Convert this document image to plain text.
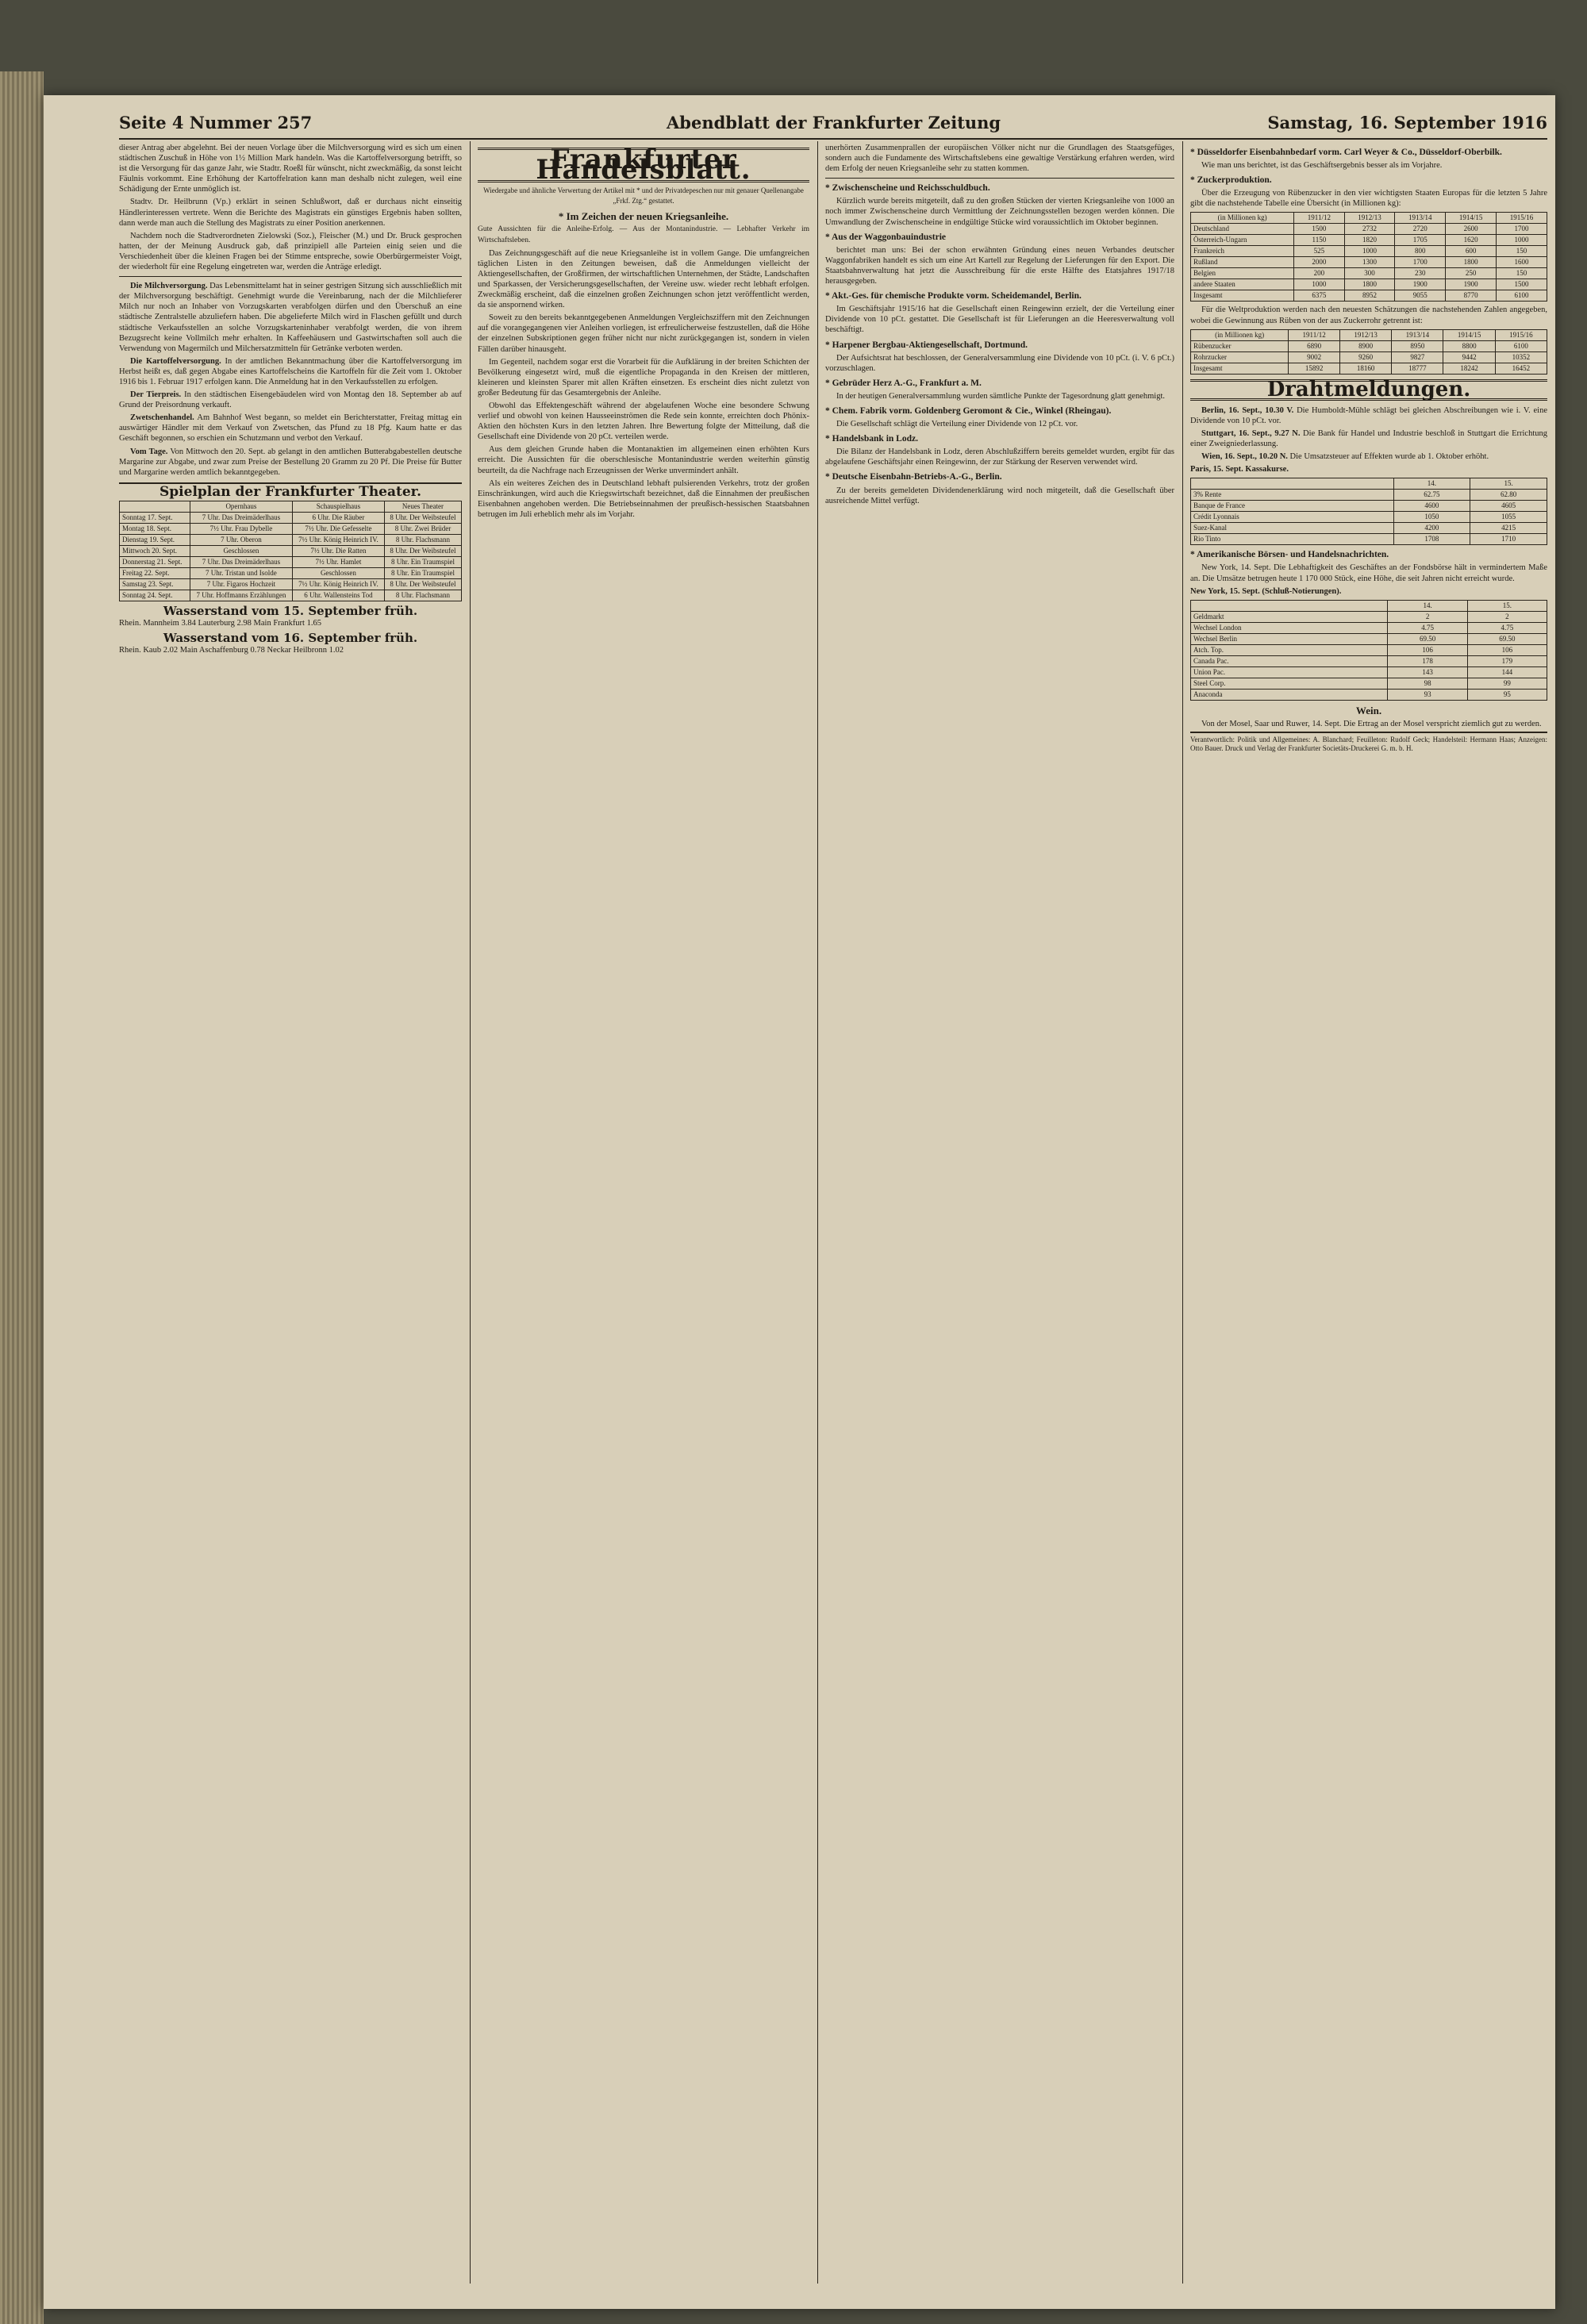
Seite 4 Nummer 257	Abendblatt der Frankfurter Zeitung	Samstag, 16. September 1916

dieser Antrag aber abgelehnt. Bei der neuen Vorlage über die Milchversorgung wird es sich um einen städtischen Zuschuß in Höhe von 1½ Million Mark handeln. Was die Kartoffelversorgung betrifft, so ist die Versorgung für das ganze Jahr, wie Stadtr. Roeßl für wünscht, nicht zweckmäßig, da sonst leicht Fäulnis vorkommt. Eine Erhöhung der Kartoffelration kann man deshalb nicht zulegen, weil eine Schädigung der Ernte unmöglich ist.

Stadtv. Dr. Heilbrunn (Vp.) erklärt in seinen Schlußwort, daß er durchaus nicht einseitig Händlerinteressen vertrete. Wenn die Berichte des Magistrats ein günstiges Ergebnis haben sollten, dann werde man auch die Stellung des Magistrats zu einer Position anerkennen.

Nachdem noch die Stadtverordneten Zielowski (Soz.), Fleischer (M.) und Dr. Bruck gesprochen hatten, der der Meinung Ausdruck gab, daß prinzipiell alle Parteien einig seien und die Verschiedenheit über die kleinen Fragen bei der Stimme entspreche, sowie Oberbürgermeister Voigt, der wiederholt für eine Regelung eingetreten war, werden die Anträge erledigt.

Die Milchversorgung. Das Lebensmittelamt hat in seiner gestrigen Sitzung sich ausschließlich mit der Milchversorgung beschäftigt. Genehmigt wurde die Vereinbarung, nach der die Milchlieferer Milch nur noch an Inhaber von Vorzugskarten verabfolgen dürfen und den Überschuß an eine städtische Zentralstelle abzuliefern haben. Die abgelieferte Milch wird in Flaschen gefüllt und durch städtische Verkaufsstellen an solche Vorzugskarteninhaber verabfolgt werden, die von ihrem Bezugsrecht keine Vollmilch mehr erhalten. In Kaffeehäusern und Gastwirtschaften soll auch die Verwendung von Magermilch und Milchersatzmitteln für Getränke verboten werden.

Die Kartoffelversorgung. In der amtlichen Bekanntmachung über die Kartoffelversorgung im Herbst heißt es, daß gegen Abgabe eines Kartoffelscheins die Kartoffeln für die Zeit vom 1. Oktober 1916 bis 1. Februar 1917 erfolgen kann. Die Anmeldung hat in den Verkaufsstellen zu erfolgen.

Der Tierpreis. In den städtischen Eisengebäudelen wird von Montag den 18. September ab auf Grund der Preisordnung verkauft.

Zwetschenhandel. Am Bahnhof West begann, so meldet ein Berichterstatter, Freitag mittag ein auswärtiger Händler mit dem Verkauf von Zwetschen, das Pfund zu 18 Pfg. Kaum hatte er das Geschäft begonnen, so erschien ein Schutzmann und verbot den Verkauf.

Vom Tage. Von Mittwoch den 20. Sept. ab gelangt in den amtlichen Butterabgabestellen deutsche Margarine zur Abgabe, und zwar zum Preise der Bestellung 20 Gramm zu 20 Pf. Die Preise für Butter und Margarine werden amtlich bekanntgegeben.

Spielplan der Frankfurter Theater.
	Opernhaus	Schauspielhaus	Neues Theater
Sonntag 17. Sept.	7 Uhr. Das Dreimäderlhaus	6 Uhr. Die Räuber	8 Uhr. Der Weibsteufel
Montag 18. Sept.	7½ Uhr. Frau Dybelle	7½ Uhr. Die Gefesselte	8 Uhr. Zwei Brüder
Dienstag 19. Sept.	7 Uhr. Oberon	7½ Uhr. König Heinrich IV.	8 Uhr. Flachsmann
Mittwoch 20. Sept.	Geschlossen	7½ Uhr. Die Ratten	8 Uhr. Der Weibsteufel
Donnerstag 21. Sept.	7 Uhr. Das Dreimäderlhaus	7½ Uhr. Hamlet	8 Uhr. Ein Traumspiel
Freitag 22. Sept.	7 Uhr. Tristan und Isolde	Geschlossen	8 Uhr. Ein Traumspiel
Samstag 23. Sept.	7 Uhr. Figaros Hochzeit	7½ Uhr. König Heinrich IV.	8 Uhr. Der Weibsteufel
Sonntag 24. Sept.	7 Uhr. Hoffmanns Erzählungen	6 Uhr. Wallensteins Tod	8 Uhr. Flachsmann
Wasserstand vom 15. September früh.

Rhein. Mannheim 3.84 Lauterburg 2.98 Main Frankfurt 1.65

Wasserstand vom 16. September früh.

Rhein. Kaub 2.02 Main Aschaffenburg 0.78 Neckar Heilbronn 1.02

Frankfurter Handelsblatt.
Wiedergabe und ähnliche Verwertung der Artikel mit * und der Privatdepeschen nur mit genauer Quellenangabe „Frkf. Ztg.“ gestattet.
* Im Zeichen der neuen Kriegsanleihe.

Gute Aussichten für die Anleihe-Erfolg. — Aus der Montanindustrie. — Lebhafter Verkehr im Wirtschaftsleben.

Das Zeichnungsgeschäft auf die neue Kriegsanleihe ist in vollem Gange. Die umfangreichen täglichen Listen in den Zeitungen beweisen, daß die Anmeldungen vielleicht der Aktiengesellschaften, der Großfirmen, der wirtschaftlichen Unternehmen, der Städte, Landschaften und Sparkassen, der Versicherungsgesellschaften, der Vereine usw. wieder recht lebhaft erfolgen. Zweckmäßig erscheint, daß die einzelnen großen Zeichnungen schon jetzt veröffentlicht werden, da sie anspornend wirken.

Soweit zu den bereits bekanntgegebenen Anmeldungen Vergleichsziffern mit den Zeichnungen auf die vorangegangenen vier Anleihen vorliegen, ist erfreulicherweise festzustellen, daß die Höhe der einzelnen Subskriptionen gegen früher nicht nur nicht zurückgegangen ist, sondern in vielen Fällen darüber hinausgeht.

Im Gegenteil, nachdem sogar erst die Vorarbeit für die Aufklärung in der breiten Schichten der Bevölkerung eingesetzt wird, muß die eigentliche Propaganda in den Kreisen der mittleren, kleineren und kleinsten Sparer mit allen Kräften einsetzen. Es erscheint dies nicht zuletzt von großer Bedeutung für das Gesamtergebnis der Anleihe.

Obwohl das Effektengeschäft während der abgelaufenen Woche eine besondere Schwung verlief und obwohl von keinen Hausseeinströmen die Rede sein konnte, erreichten doch Phönix-Aktien den höchsten Kurs in den letzten Jahren. Ihre Bewertung folgte der Mitteilung, daß die Gesellschaft eine Dividende von 20 pCt. verteilen werde.

Aus dem gleichen Grunde haben die Montanaktien im allgemeinen einen erhöhten Kurs erreicht. Die Aussichten für die oberschlesische Montanindustrie werden weiterhin günstig beurteilt, da die Nachfrage nach Erzeugnissen der Werke unvermindert anhält.

Als ein weiteres Zeichen des in Deutschland lebhaft pulsierenden Verkehrs, trotz der großen Einschränkungen, wird auch die Kriegswirtschaft bezeichnet, daß die Einnahmen der preußischen Eisenbahnen angehoben werden. Die Betriebseinnahmen der preußisch-hessischen Staatsbahnen betrugen im Juli erheblich mehr als im Vorjahr.

unerhörten Zusammenprallen der europäischen Völker nicht nur die Grundlagen des Staatsgefüges, sondern auch die Fundamente des Wirtschaftslebens eine gewaltige Verstärkung erfahren werden, wird dem Erfolg der neuen Kriegsanleihe sehr zu statten kommen.

* Zwischenscheine und Reichsschuldbuch.

Kürzlich wurde bereits mitgeteilt, daß zu den großen Stücken der vierten Kriegsanleihe von 1000 an noch immer Zwischenscheine durch Vermittlung der Zeichnungsstellen bezogen werden können. Die Umwandlung der Zwischenscheine in endgültige Stücke wird voraussichtlich im Oktober beginnen.

* Aus der Waggonbauindustrie

berichtet man uns: Bei der schon erwähnten Gründung eines neuen Verbandes deutscher Waggonfabriken handelt es sich um eine Art Kartell zur Regelung der Lieferungen für den Export. Die Staatsbahnverwaltung hat jetzt die Ausschreibung für die erste Hälfte des Etatsjahres 1917/18 herausgegeben.

* Akt.-Ges. für chemische Produkte vorm. Scheidemandel, Berlin.

Im Geschäftsjahr 1915/16 hat die Gesellschaft einen Reingewinn erzielt, der die Verteilung einer Dividende von 10 pCt. gestattet. Die Gesellschaft ist für Lieferungen an die Heeresverwaltung voll beschäftigt.

* Harpener Bergbau-Aktiengesellschaft, Dortmund.

Der Aufsichtsrat hat beschlossen, der Generalversammlung eine Dividende von 10 pCt. (i. V. 6 pCt.) vorzuschlagen.

* Gebrüder Herz A.-G., Frankfurt a. M.

In der heutigen Generalversammlung wurden sämtliche Punkte der Tagesordnung glatt genehmigt.

* Chem. Fabrik vorm. Goldenberg Geromont & Cie., Winkel (Rheingau).

Die Gesellschaft schlägt die Verteilung einer Dividende von 12 pCt. vor.

* Handelsbank in Lodz.

Die Bilanz der Handelsbank in Lodz, deren Abschlußziffern bereits gemeldet wurden, ergibt für das abgelaufene Geschäftsjahr einen Reingewinn, der zur Stärkung der Reserven verwendet wird.

* Deutsche Eisenbahn-Betriebs-A.-G., Berlin.

Zu der bereits gemeldeten Dividendenerklärung wird noch mitgeteilt, daß die Gesellschaft über ausreichende Mittel verfügt.

* Düsseldorfer Eisenbahnbedarf vorm. Carl Weyer & Co., Düsseldorf-Oberbilk.

Wie man uns berichtet, ist das Geschäftsergebnis besser als im Vorjahre.

* Zuckerproduktion.

Über die Erzeugung von Rübenzucker in den vier wichtigsten Staaten Europas für die letzten 5 Jahre gibt die nachstehende Tabelle eine Übersicht (in Millionen kg):

(in Millionen kg)	1911/12	1912/13	1913/14	1914/15	1915/16
Deutschland	1500	2732	2720	2600	1700
Österreich-Ungarn	1150	1820	1705	1620	1000
Frankreich	525	1000	800	600	150
Rußland	2000	1300	1700	1800	1600
Belgien	200	300	230	250	150
andere Staaten	1000	1800	1900	1900	1500
Insgesamt	6375	8952	9055	8770	6100

Für die Weltproduktion werden nach den neuesten Schätzungen die nachstehenden Zahlen angegeben, wobei die Gewinnung aus Rüben von der aus Zuckerrohr getrennt ist:

(in Millionen kg)	1911/12	1912/13	1913/14	1914/15	1915/16
Rübenzucker	6890	8900	8950	8800	6100
Rohrzucker	9002	9260	9827	9442	10352
Insgesamt	15892	18160	18777	18242	16452
Drahtmeldungen.

Berlin, 16. Sept., 10.30 V. Die Humboldt-Mühle schlägt bei gleichen Abschreibungen wie i. V. eine Dividende von 10 pCt. vor.

Stuttgart, 16. Sept., 9.27 N. Die Bank für Handel und Industrie beschloß in Stuttgart die Errichtung einer Zweigniederlassung.

Wien, 16. Sept., 10.20 N. Die Umsatzsteuer auf Effekten wurde ab 1. Oktober erhöht.

Paris, 15. Sept. Kassakurse.

	14.	15.
3% Rente	62.75	62.80
Banque de France	4600	4605
Crédit Lyonnais	1050	1055
Suez-Kanal	4200	4215
Rio Tinto	1708	1710
* Amerikanische Börsen- und Handelsnachrichten.

New York, 14. Sept. Die Lebhaftigkeit des Geschäftes an der Fondsbörse hält in vermindertem Maße an. Die Umsätze betrugen heute 1 170 000 Stück, eine Höhe, die seit Jahren nicht erreicht wurde.

New York, 15. Sept. (Schluß-Notierungen).

	14.	15.
Geldmarkt	2	2
Wechsel London	4.75	4.75
Wechsel Berlin	69.50	69.50
Atch. Top.	106	106
Canada Pac.	178	179
Union Pac.	143	144
Steel Corp.	98	99
Anaconda	93	95
Wein.

Von der Mosel, Saar und Ruwer, 14. Sept. Die Ertrag an der Mosel verspricht ziemlich gut zu werden.

Verantwortlich: Politik und Allgemeines: A. Blanchard; Feuilleton: Rudolf Geck; Handelsteil: Hermann Haas; Anzeigen: Otto Bauer. Druck und Verlag der Frankfurter Societäts-Druckerei G. m. b. H.
